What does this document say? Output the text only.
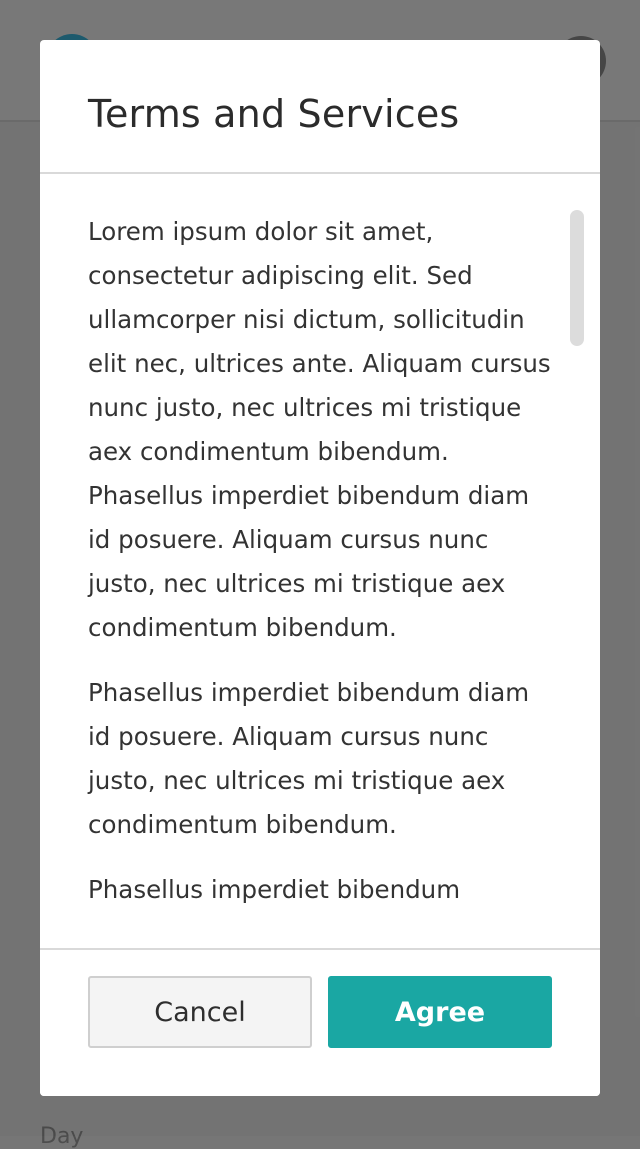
Day
Terms and Services

Lorem ipsum dolor sit amet, consectetur adipiscing elit. Sed ullamcorper nisi dictum, sollicitudin elit nec, ultrices ante. Aliquam cursus nunc justo, nec ultrices mi tristique aex condimentum bibendum. Phasellus imperdiet bibendum diam id posuere. Aliquam cursus nunc justo, nec ultrices mi tristique aex condimentum bibendum.

Phasellus imperdiet bibendum diam id posuere. Aliquam cursus nunc justo, nec ultrices mi tristique aex condimentum bibendum.

Phasellus imperdiet bibendum

Cancel	Agree
